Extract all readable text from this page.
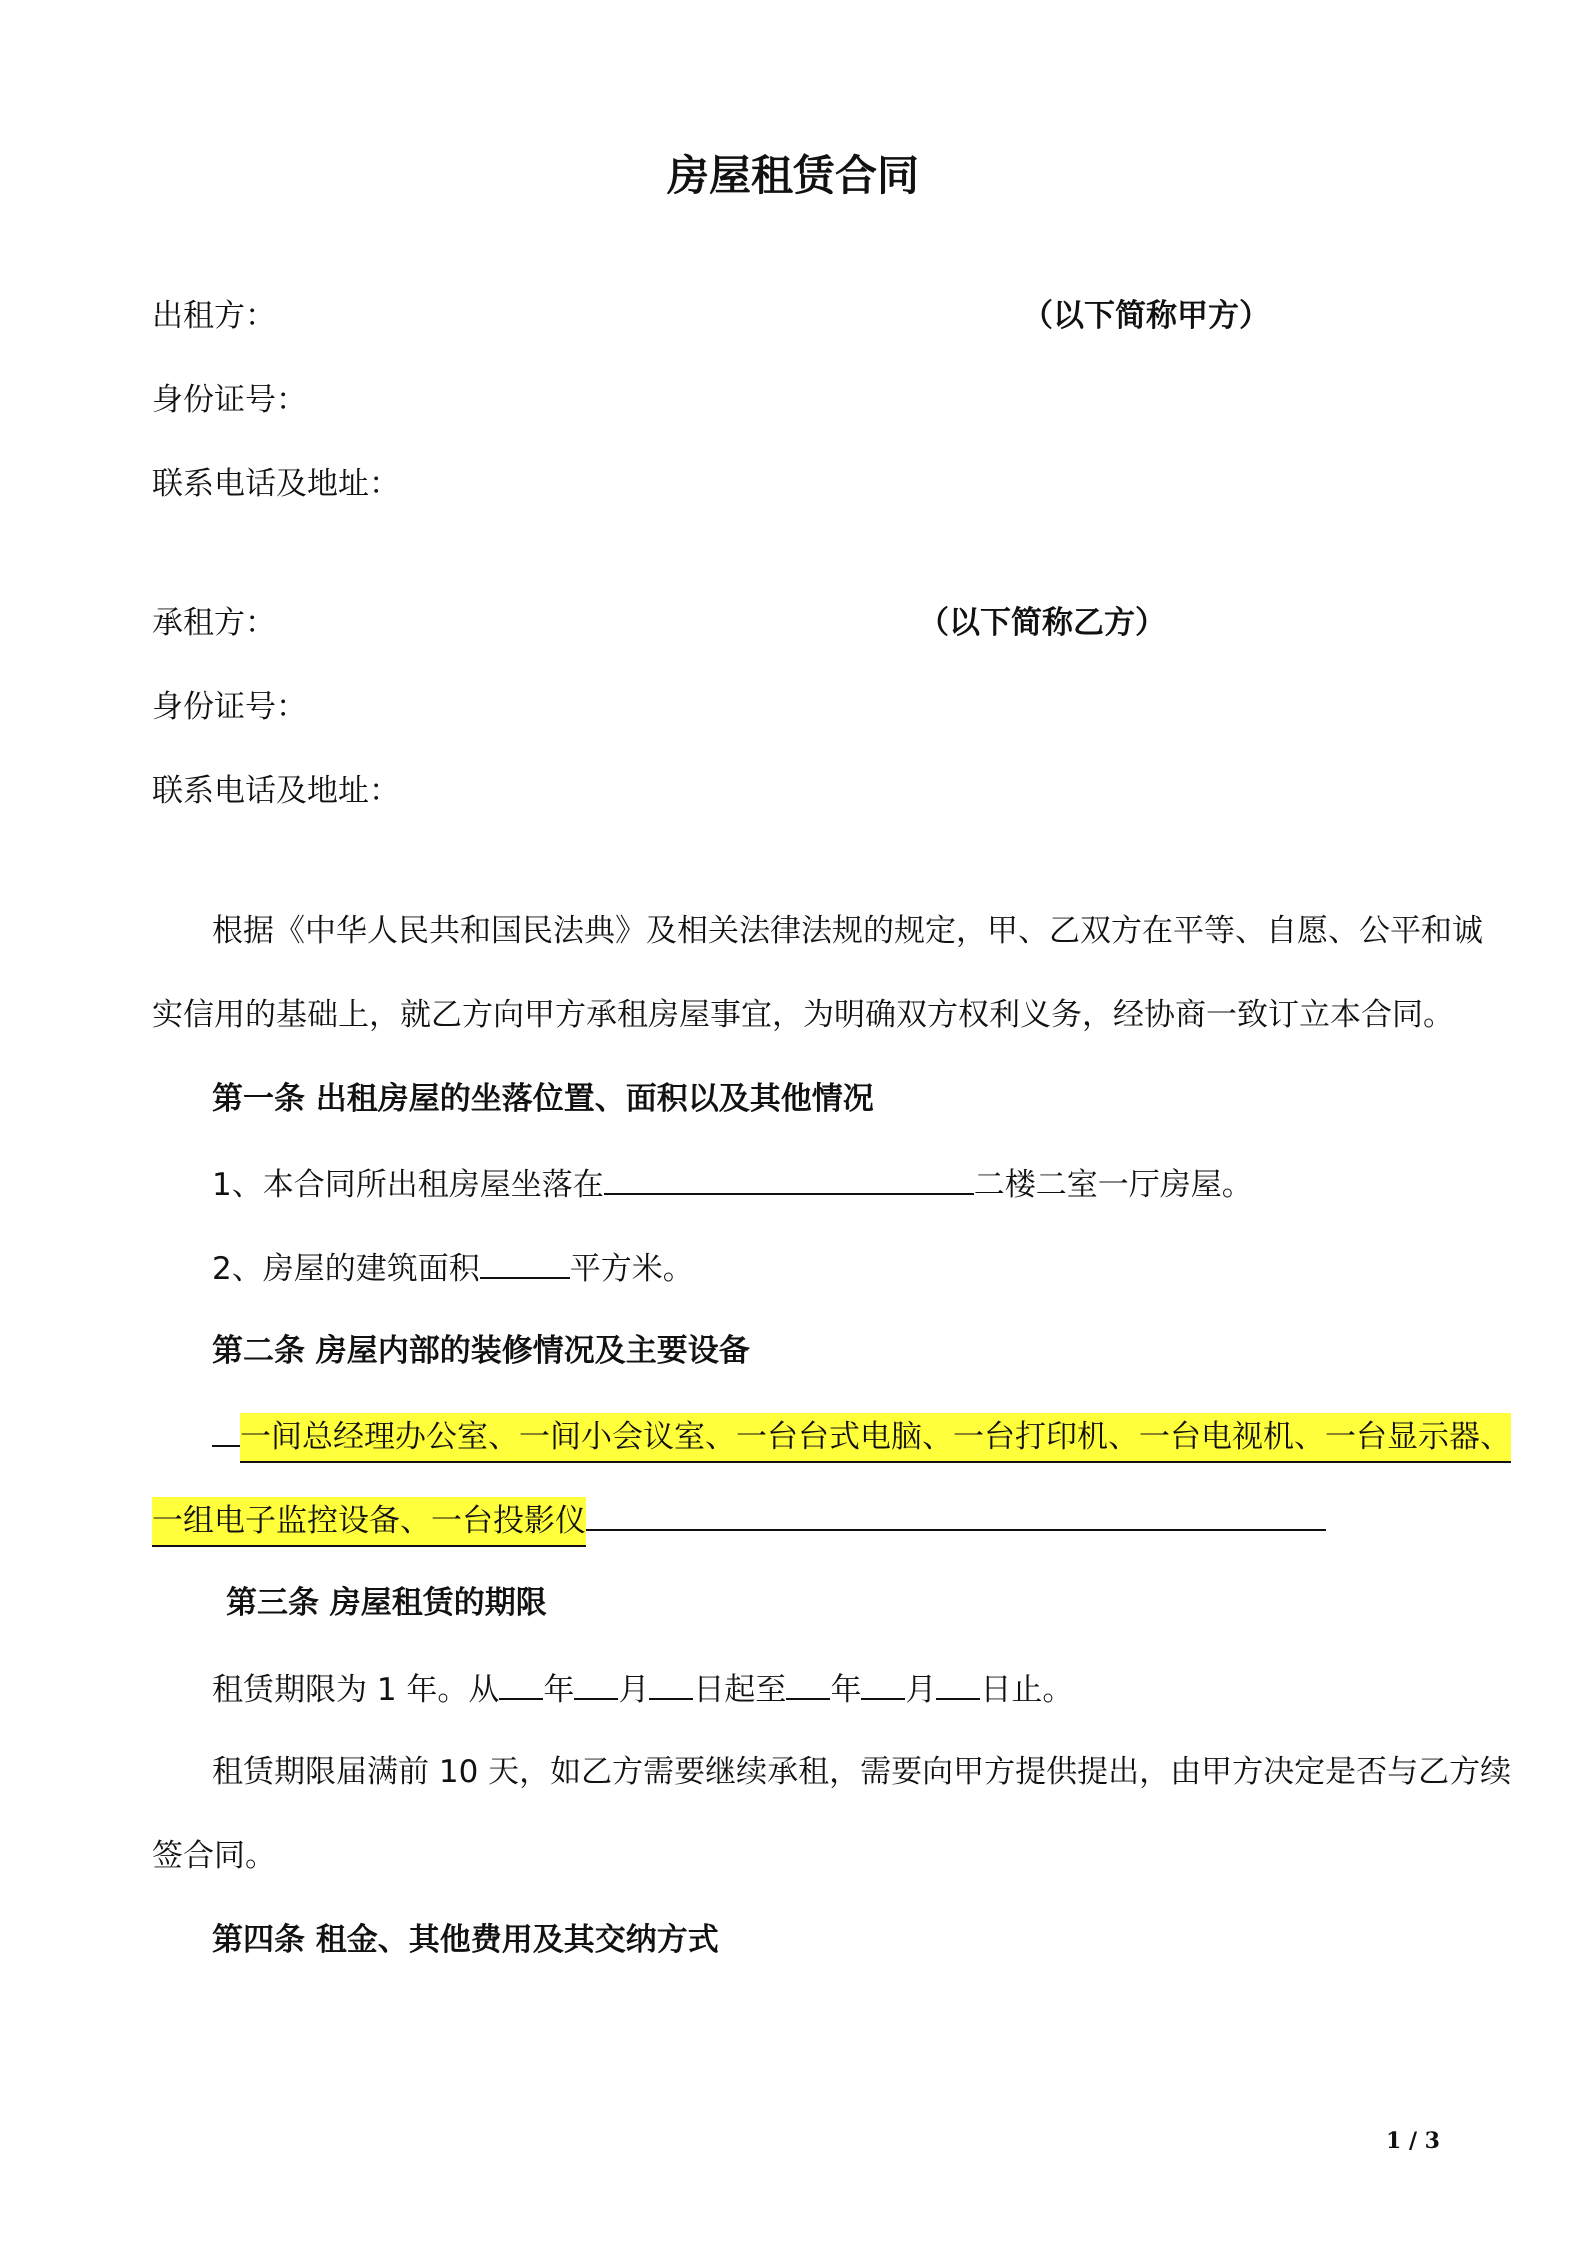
房屋租赁合同
出租方：	（以下简称甲方）
身份证号：
联系电话及地址：
承租方：	（以下简称乙方）
身份证号：
联系电话及地址：
根据《中华人民共和国民法典》及相关法律法规的规定，甲、乙双方在平等、自愿、公平和诚
实信用的基础上，就乙方向甲方承租房屋事宜，为明确双方权利义务，经协商一致订立本合同。
第一条 出租房屋的坐落位置、面积以及其他情况
1、本合同所出租房屋坐落在	二楼二室一厅房屋。
2、房屋的建筑面积	平方米。
第二条 房屋内部的装修情况及主要设备
一间总经理办公室、一间小会议室、一台台式电脑、一台打印机、一台电视机、一台显示器、
一组电子监控设备、一台投影仪
第三条 房屋租赁的期限
租赁期限为 1 年。从 年 月 日起至 年 月 日止。
租赁期限届满前 10 天，如乙方需要继续承租，需要向甲方提供提出，由甲方决定是否与乙方续
签合同。
第四条 租金、其他费用及其交纳方式
1 / 3
